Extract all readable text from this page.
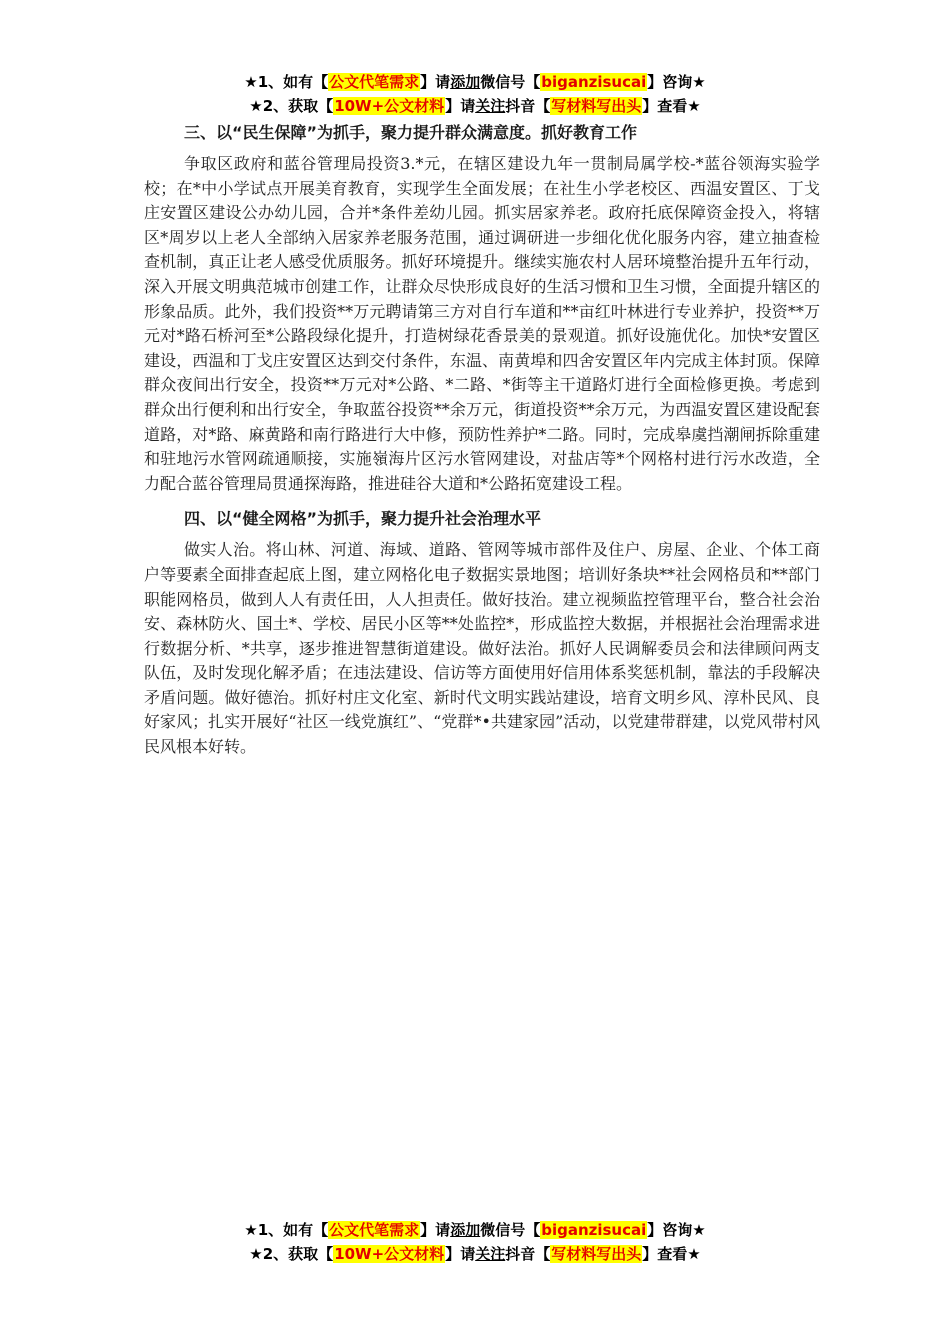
★1、如有【公文代笔需求】请添加微信号【biganzisucai】咨询★
★2、获取【10W+公文材料】请关注抖音【写材料写出头】查看★
三、以“民生保障”为抓手，聚力提升群众满意度。抓好教育工作

争取区政府和蓝谷管理局投资3.*元，在辖区建设九年一贯制局属学校-*蓝谷领海实验学校；在*中小学试点开展美育教育，实现学生全面发展；在社生小学老校区、西温安置区、丁戈庄安置区建设公办幼儿园，合并*条件差幼儿园。抓实居家养老。政府托底保障资金投入，将辖区*周岁以上老人全部纳入居家养老服务范围，通过调研进一步细化优化服务内容，建立抽查检查机制，真正让老人感受优质服务。抓好环境提升。继续实施农村人居环境整治提升五年行动，深入开展文明典范城市创建工作，让群众尽快形成良好的生活习惯和卫生习惯，全面提升辖区的形象品质。此外，我们投资**万元聘请第三方对自行车道和**亩红叶林进行专业养护，投资**万元对*路石桥河至*公路段绿化提升，打造树绿花香景美的景观道。抓好设施优化。加快*安置区建设，西温和丁戈庄安置区达到交付条件，东温、南黄埠和四舍安置区年内完成主体封顶。保障群众夜间出行安全，投资**万元对*公路、*二路、*街等主干道路灯进行全面检修更换。考虑到群众出行便利和出行安全，争取蓝谷投资**余万元，街道投资**余万元，为西温安置区建设配套道路，对*路、麻黄路和南行路进行大中修，预防性养护*二路。同时，完成皋虞挡潮闸拆除重建和驻地污水管网疏通顺接，实施嶺海片区污水管网建设，对盐店等*个网格村进行污水改造，全力配合蓝谷管理局贯通探海路，推进硅谷大道和*公路拓宽建设工程。

四、以“健全网格”为抓手，聚力提升社会治理水平

做实人治。将山林、河道、海域、道路、管网等城市部件及住户、房屋、企业、个体工商户等要素全面排查起底上图，建立网格化电子数据实景地图；培训好条块**社会网格员和**部门职能网格员，做到人人有责任田，人人担责任。做好技治。建立视频监控管理平台，整合社会治安、森林防火、国土*、学校、居民小区等**处监控*，形成监控大数据，并根据社会治理需求进行数据分析、*共享，逐步推进智慧街道建设。做好法治。抓好人民调解委员会和法律顾问两支队伍，及时发现化解矛盾；在违法建设、信访等方面使用好信用体系奖惩机制，靠法的手段解决矛盾问题。做好德治。抓好村庄文化室、新时代文明实践站建设，培育文明乡风、淳朴民风、良好家风；扎实开展好“社区一线党旗红”、“党群*•共建家园”活动，以党建带群建，以党风带村风民风根本好转。

★1、如有【公文代笔需求】请添加微信号【biganzisucai】咨询★
★2、获取【10W+公文材料】请关注抖音【写材料写出头】查看★
